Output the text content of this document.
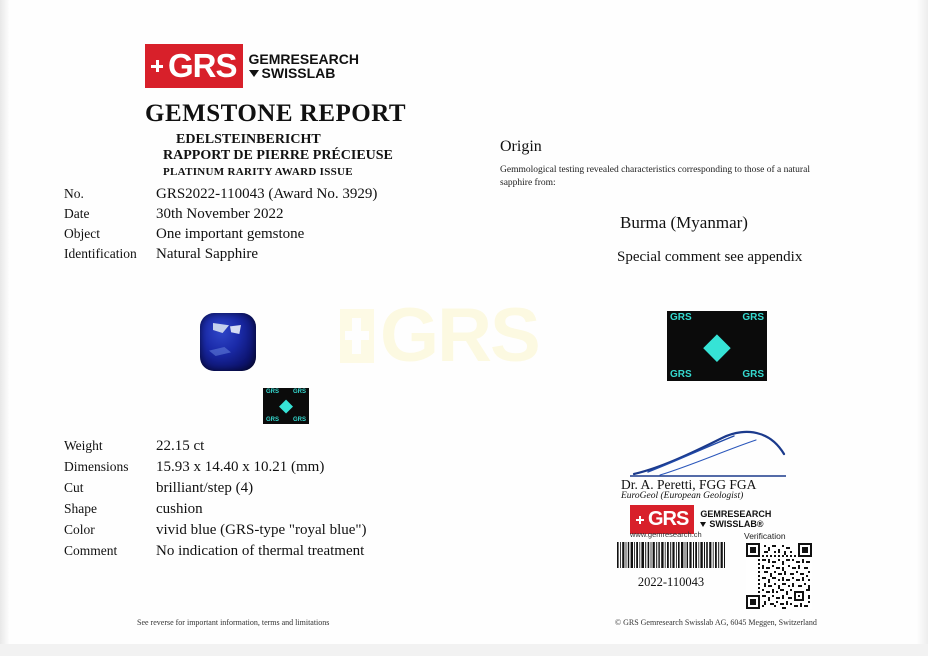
GRS GEMRESEARCH
SWISSLAB
GEMSTONE REPORT
EDELSTEINBERICHT
RAPPORT DE PIERRE PRÉCIEUSE
PLATINUM RARITY AWARD ISSUE
No.	GRS2022-110043 (Award No. 3929)
Date	30th November 2022
Object	One important gemstone
Identification	Natural Sapphire
Origin
Gemmological testing revealed characteristics corresponding to those of a natural sapphire from:
Burma (Myanmar)
Special comment see appendix
GRS
GRS GRS
GRS GRS
◆
GRS	GRS
GRS	GRS
◆
Weight	22.15 ct
Dimensions	15.93 x 14.40 x 10.21 (mm)
Cut	brilliant/step (4)
Shape	cushion
Color	vivid blue (GRS-type "royal blue")
Comment	No indication of thermal treatment
Dr. A. Peretti, FGG FGA
EuroGeol (European Geologist)
GRS GEMRESEARCH
SWISSLAB®
www.gemresearch.ch
2022-110043
Verification
See reverse for important information, terms and limitations	© GRS Gemresearch Swisslab AG, 6045 Meggen, Switzerland
